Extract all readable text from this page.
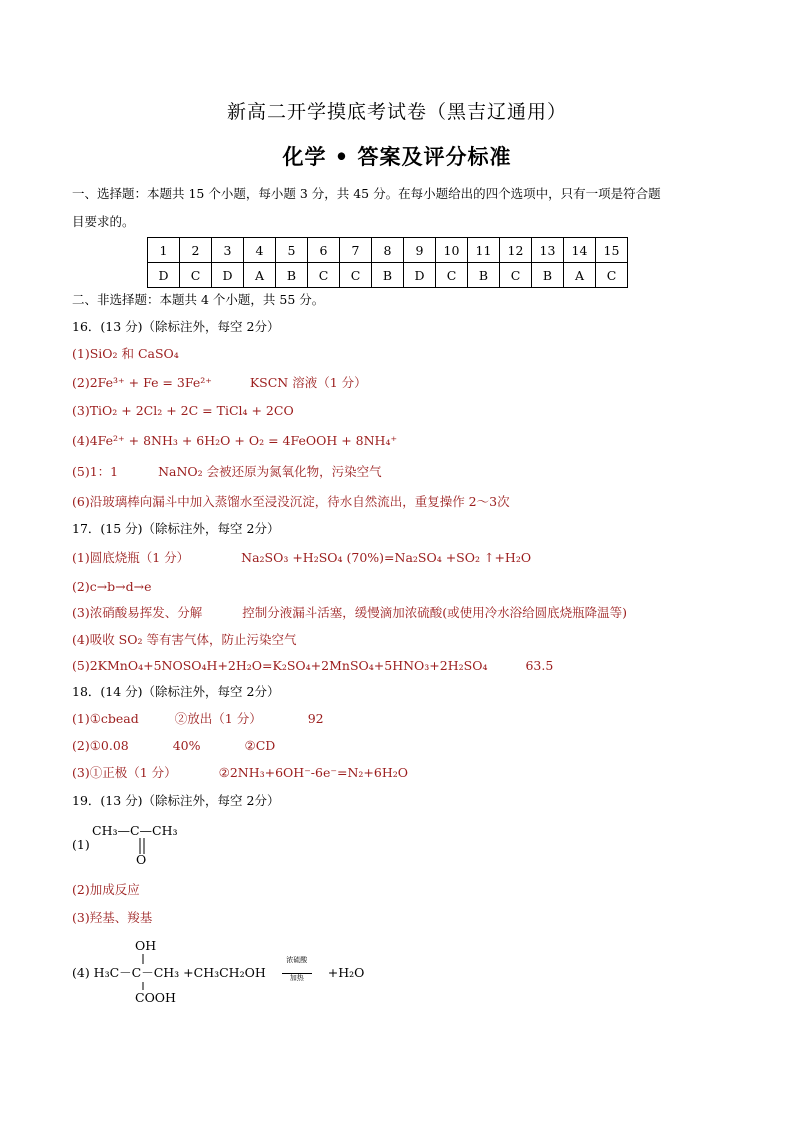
新高二开学摸底考试卷（黑吉辽通用）
化学 • 答案及评分标准
一、选择题：本题共 15 个小题，每小题 3 分，共 45 分。在每小题给出的四个选项中，只有一项是符合题
目要求的。
1	2	3	4	5	6	7	8	9	10	11	12	13	14	15
D	C	D	A	B	C	C	B	D	C	B	C	B	A	C
二、非选择题：本题共 4 个小题，共 55 分。
16．(13 分)（除标注外，每空 2分）
(1)SiO₂ 和 CaSO₄
(2)2Fe³⁺ + Fe = 3Fe²⁺	KSCN 溶液（1 分）
(3)TiO₂ + 2Cl₂ + 2C = TiCl₄ + 2CO
(4)4Fe²⁺ + 8NH₃ + 6H₂O + O₂ = 4FeOOH + 8NH₄⁺
(5)1：1	NaNO₂ 会被还原为氮氧化物，污染空气
(6)沿玻璃棒向漏斗中加入蒸馏水至浸没沉淀，待水自然流出，重复操作 2～3次
17．(15 分)（除标注外，每空 2分）
(1)圆底烧瓶（1 分）	Na₂SO₃ +H₂SO₄ (70%)=Na₂SO₄ +SO₂ ↑+H₂O
(2)c→b→d→e
(3)浓硝酸易挥发、分解	控制分液漏斗活塞，缓慢滴加浓硫酸(或使用冷水浴给圆底烧瓶降温等)
(4)吸收 SO₂ 等有害气体，防止污染空气
(5)2KMnO₄+5NOSO₄H+2H₂O=K₂SO₄+2MnSO₄+5HNO₃+2H₂SO₄	63.5
18．(14 分)（除标注外，每空 2分）
(1)①cbead	②放出（1 分）	92
(2)①0.08	40%	②CD
(3)①正极（1 分）	②2NH₃+6OH⁻-6e⁻=N₂+6H₂O
19．(13 分)（除标注外，每空 2分）
(1)
CH₃—C—CH₃
O
(2)加成反应
(3)羟基、羧基
OH
(4) H₃C－C－CH₃ +CH₃CH₂OH
浓硫酸
加热	+H₂O
COOH
